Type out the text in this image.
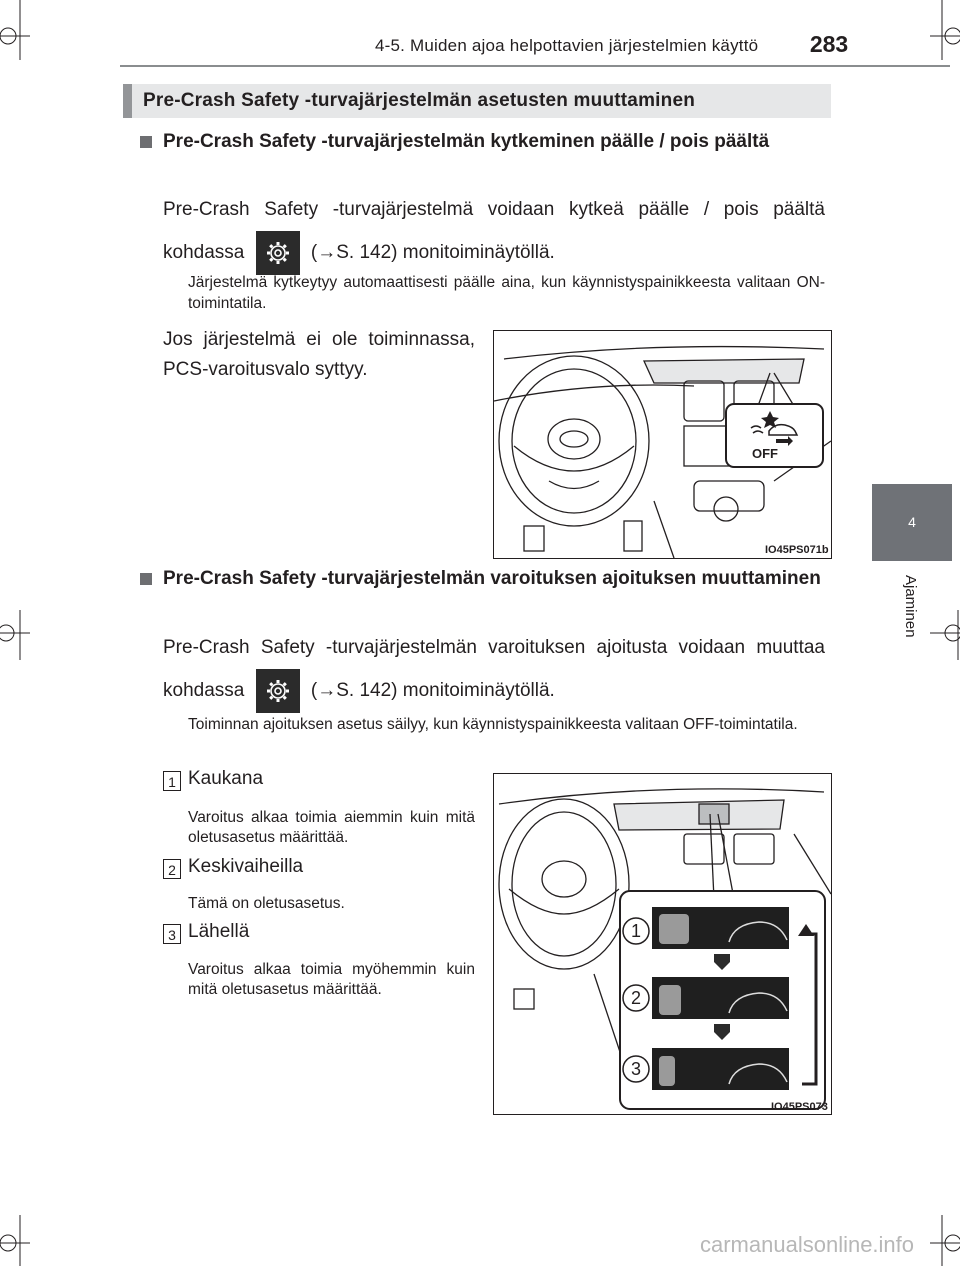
4-5. Muiden ajoa helpottavien järjestelmien käyttö	283
4
Ajaminen
Pre-Crash Safety -turvajärjestelmän asetusten muuttaminen
Pre-Crash Safety -turvajärjestelmän kytkeminen päälle / pois päältä
Pre-Crash Safety -turvajärjestelmä voidaan kytkeä päälle / pois päältä kohdassa	(→S. 142) monitoiminäytöllä.
Järjestelmä kytkeytyy automaattisesti päälle aina, kun käynnistyspainikkeesta valitaan ON-toimintatila.
Jos järjestelmä ei ole toiminnassa, PCS-varoitusvalo syttyy.
OFF
IO45PS071b
Pre-Crash Safety -turvajärjestelmän varoituksen ajoituksen muuttaminen
Pre-Crash Safety -turvajärjestelmän varoituksen ajoitusta voidaan muuttaa kohdassa	(→S. 142) monitoiminäytöllä.
Toiminnan ajoituksen asetus säilyy, kun käynnistyspainikkeesta valitaan OFF-toimintatila.
1 Kaukana
Varoitus alkaa toimia aiemmin kuin mitä oletusasetus määrittää.
2 Keskivaiheilla
Tämä on oletusasetus.
3 Lähellä
Varoitus alkaa toimia myöhemmin kuin mitä oletusasetus määrittää.
1
2
3
IO45PS073
carmanualsonline.info
